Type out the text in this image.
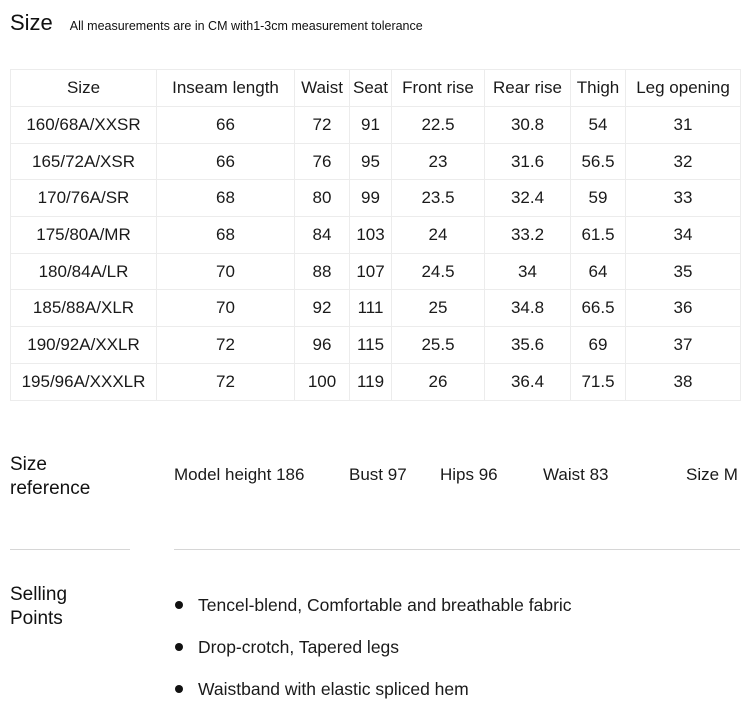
Size All measurements are in CM with1-3cm measurement tolerance
Size	Inseam length	Waist	Seat	Front rise	Rear rise	Thigh	Leg opening
160/68A/XXSR	66	72	91	22.5	30.8	54	31
165/72A/XSR	66	76	95	23	31.6	56.5	32
170/76A/SR	68	80	99	23.5	32.4	59	33
175/80A/MR	68	84	103	24	33.2	61.5	34
180/84A/LR	70	88	107	24.5	34	64	35
185/88A/XLR	70	92	111	25	34.8	66.5	36
190/92A/XXLR	72	96	115	25.5	35.6	69	37
195/96A/XXXLR	72	100	119	26	36.4	71.5	38
Size
reference
Model height 186	Bust 97 Hips 96	Waist 83	Size M
Selling
Points
Tencel-blend, Comfortable and breathable fabric
Drop-crotch, Tapered legs
Waistband with elastic spliced hem
